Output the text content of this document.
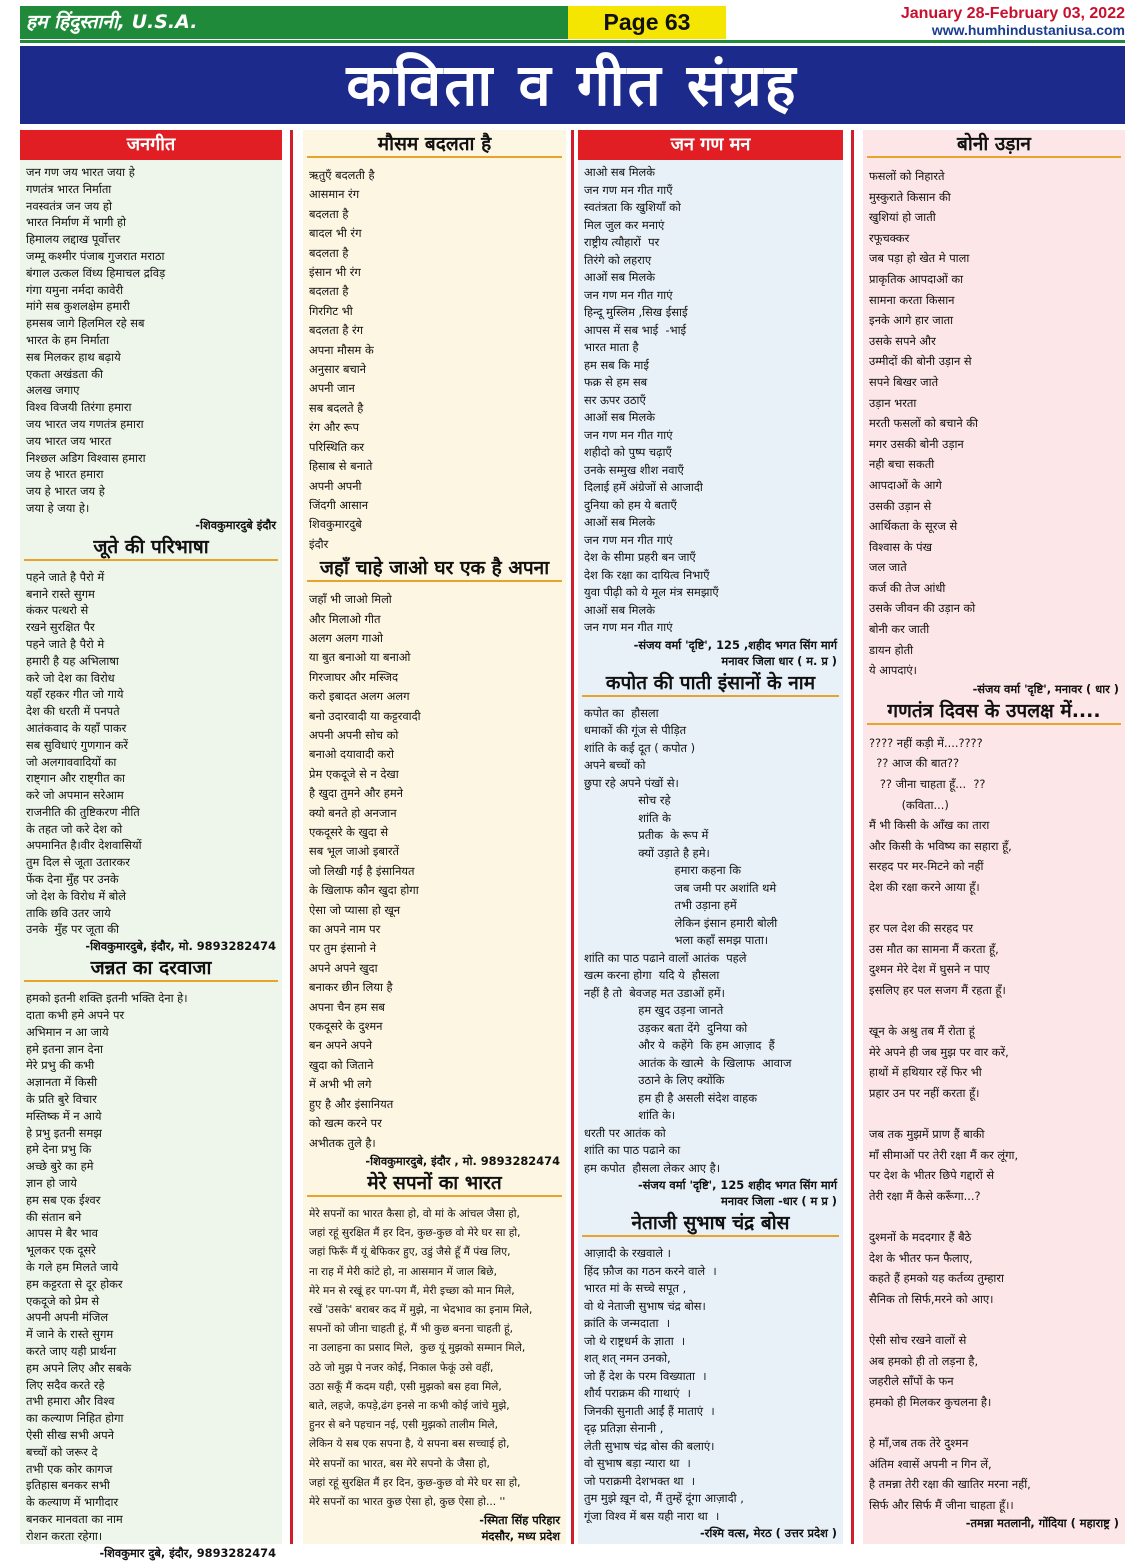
हम हिंदुस्तानी, U.S.A.	Page 63	January 28-February 03, 2022
www.humhindustaniusa.com
कविता व गीत संग्रह
जनगीत
जन गण जय भारत जया हे
गणतंत्र भारत निर्माता
नवस्वतंत्र जन जय हो
भारत निर्माण में भागी हो
हिमालय लद्दाख पूर्वोत्तर
जम्मू कश्मीर पंजाब गुजरात मराठा
बंगाल उत्कल विंध्य हिमाचल द्रविड़
गंगा यमुना नर्मदा कावेरी
मांगे सब कुशलक्षेम हमारी
हमसब जागे हिलमिल रहे सब
भारत के हम निर्माता
सब मिलकर हाथ बढ़ाये
एकता अखंडता की
अलख जगाए
विश्व विजयी तिरंगा हमारा
जय भारत जय गणतंत्र हमारा
जय भारत जय भारत
निश्छल अडिग विश्वास हमारा
जय हे भारत हमारा
जय हे भारत जय हे
जया हे जया हे।
-शिवकुमारदुबे इंदौर
जूते की परिभाषा
पहने जाते है पैरो में
बनाने रास्ते सुगम
कंकर पत्थरो से
रखने सुरक्षित पैर
पहने जाते है पैरो मे
हमारी है यह अभिलाषा
करे जो देश का विरोध
यहाँ रहकर गीत जो गाये
देश की धरती में पनपते
आतंकवाद के यहाँ पाकर
सब सुविधाएं गुणगान करें
जो अलगाववादियों का
राष्ट्गान और राष्ट्गीत का
करे जो अपमान सरेआम
राजनीति की तुष्टिकरण नीति
के तहत जो करे देश को
अपमानित है।वीर देशवासियों
तुम दिल से जूता उतारकर
फेंक देना मुँह पर उनके
जो देश के विरोध में बोले
ताकि छवि उतर जाये
उनके  मुँह पर जूता की
-शिवकुमारदुबे, इंदौर, मो. 9893282474
जन्नत का दरवाजा
हमको इतनी शक्ति इतनी भक्ति देना हे।
दाता कभी हमे अपने पर
अभिमान न आ जाये
हमे इतना ज्ञान देना
मेरे प्रभु की कभी
अज्ञानता में किसी
के प्रति बुरे विचार
मस्तिष्क में न आये
हे प्रभु इतनी समझ
हमे देना प्रभु कि
अच्छे बुरे का हमे
ज्ञान हो जाये
हम सब एक ईश्वर
की संतान बने
आपस मे बैर भाव
भूलकर एक दूसरे
के गले हम मिलते जाये
हम कट्टरता से दूर होकर
एकदूजे को प्रेम से
अपनी अपनी मंजिल
में जाने के रास्ते सुगम
करते जाए यही प्रार्थना
हम अपने लिए और सबके
लिए सदैव करते रहे
तभी हमारा और विश्व
का कल्याण निहित होगा
ऐसी सीख सभी अपने
बच्चों को जरूर दे
तभी एक कोर कागज
इतिहास बनकर सभी
के कल्याण में भागीदार
बनकर मानवता का नाम
रोशन करता रहेगा।
-शिवकुमार दुबे, इंदौर, 9893282474
मौसम बदलता है
ऋतुएँ बदलती है
आसमान रंग
बदलता है
बादल भी रंग
बदलता है
इंसान भी रंग
बदलता है
गिरगिट भी
बदलता है रंग
अपना मौसम के
अनुसार बचाने
अपनी जान
सब बदलते है
रंग और रूप
परिस्थिति कर
हिसाब से बनाते
अपनी अपनी
जिंदगी आसान
शिवकुमारदुबे
इंदौर
जहाँ चाहे जाओ घर एक है अपना
जहाँ भी जाओ मिलो
और मिलाओ गीत
अलग अलग गाओ
या बुत बनाओ या बनाओ
गिरजाघर और मस्जिद
करो इबादत अलग अलग
बनो उदारवादी या कट्टरवादी
अपनी अपनी सोच को
बनाओ दयावादी करो
प्रेम एकदूजे से न देखा
है खुदा तुमने और हमने
क्यो बनते हो अनजान
एकदूसरे के खुदा से
सब भूल जाओ इबारतें
जो लिखी गई है इंसानियत
के खिलाफ कौन खुदा होगा
ऐसा जो प्यासा हो खून
का अपने नाम पर
पर तुम इंसानो ने
अपने अपने खुदा
बनाकर छीन लिया है
अपना चैन हम सब
एकदूसरे के दुश्मन
बन अपने अपने
खुदा को जिताने
में अभी भी लगे
हुए है और इंसानियत
को खत्म करने पर
अभीतक तुले है।
-शिवकुमारदुबे, इंदौर , मो. 9893282474
मेरे सपनों का भारत
मेरे सपनों का भारत कैसा हो, वो मां के आंचल जैसा हो,
जहां रहूं सुरक्षित मैं हर दिन, कुछ-कुछ वो मेरे घर सा हो,
जहां फिरूँ मैं यूं बेफिकर हुए, उडुं जैसे हूँ मैं पंख लिए,
ना राह में मेरी कांटे हो, ना आसमान में जाल बिछे,
मेरे मन से रखूं हर पग-पग मैं, मेरी इच्छा को मान मिले,
रखें 'उसके' बराबर कद में मुझे, ना भेदभाव का इनाम मिले,
सपनों को जीना चाहती हूं, मैं भी कुछ बनना चाहती हूं,
ना उलाहना का प्रसाद मिले,  कुछ यूं मुझको सम्मान मिले,
उठे जो मुझ पे नजर कोई, निकाल फेकूं उसे वहीं,
उठा सकूँ मैं कदम यही, एसी मुझको बस हवा मिले,
बाते, लहजे, कपड़े,ढंग इनसे ना कभी कोई जांचे मुझे,
हुनर से बने पहचान नई, एसी मुझको तालीम मिले,
लेकिन ये सब एक सपना है, ये सपना बस सच्चाई हो,
मेरे सपनों का भारत, बस मेरे सपनो के जैसा हो,
जहां रहूं सुरक्षित मैं हर दिन, कुछ-कुछ वो मेरे घर सा हो,
मेरे सपनों का भारत कुछ ऐसा हो, कुछ ऐसा हो... ''
-स्मिता सिंह परिहार
मंदसौर, मध्य प्रदेश
जन गण मन
आओ सब मिलके
जन गण मन गीत गाएँ
स्वतंत्रता कि खुशियाँ को
मिल जुल कर मनाएं
राष्ट्रीय त्यौहारों  पर
तिरंगे को लहराए
आओं सब मिलके
जन गण मन गीत गाएं
हिन्दू मुस्लिम ,सिख ईसाई
आपस में सब भाई  -भाई
भारत माता है
हम सब कि माई
फक्र से हम सब
सर ऊपर उठाएँ
आओं सब मिलके
जन गण मन गीत गाएं
शहीदो को पुष्प चढ़ाएँ
उनके सम्मुख शीश नवाएँ
दिलाई हमें अंग्रेजों से आजादी
दुनिया को हम ये बताएँ
आओं सब मिलके
जन गण मन गीत गाएं
देश के सीमा प्रहरी बन जाएँ
देश कि रक्षा का दायित्व निभाएँ
युवा पीढ़ी को ये मूल मंत्र समझाएँ
आओं सब मिलके
जन गण मन गीत गाएं
-संजय वर्मा 'दृष्टि', 125 ,शहीद भगत सिंग मार्ग
मनावर जिला धार ( म. प्र )
कपोत की पाती इंसानों के नाम
कपोत का  हौसला
धमाकों की गूंज से पीड़ित
शांति के कई दूत ( कपोत )
अपने बच्चों को
छुपा रहे अपने पंखों से।
सोच रहे
शांति के
प्रतीक  के रूप में
क्यों उड़ाते है हमे।
हमारा कहना कि
जब जमी पर अशांति थमे
तभी उड़ाना हमें
लेकिन इंसान हमारी बोली
भला कहाँ समझ पाता।
शांति का पाठ पढाने वालों आतंक  पहले
खत्म करना होगा  यदि ये  हौसला
नहीं है तो  बेवजह मत उडाओं हमें।
हम खुद उड़ना जानते
उड़कर बता देंगे  दुनिया को
और ये  कहेंगे  कि हम आज़ाद  हैं
आतंक के खात्मे  के खिलाफ  आवाज
उठाने के लिए क्योंकि
हम ही है असली संदेश वाहक
शांति के।
धरती पर आतंक को
शांति का पाठ पढाने का
हम कपोत  हौसला लेकर आए है।
-संजय वर्मा 'दृष्टि', 125 शहीद भगत सिंग मार्ग
मनावर जिला -धार ( म प्र )
नेताजी सुभाष चंद्र बोस
आज़ादी के रखवाले ।
हिंद फ़ौज का गठन करने वाले  ।
भारत मां के सच्चे सपूत ,
वो थे नेताजी सुभाष चंद्र बोस।
क्रांति के जन्मदाता  ।
जो थे राष्ट्रधर्म के ज्ञाता  ।
शत् शत् नमन उनको,
जो हैं देश के परम विख्याता  ।
शौर्य पराक्रम की गाथाएं  ।
जिनकी सुनाती आईं हैं माताएं  ।
दृढ़ प्रतिज्ञा सेनानी ,
लेती सुभाष चंद्र बोस की बलाएं।
वो सुभाष बड़ा न्यारा था  ।
जो पराक्रमी देशभक्त था  ।
तुम मुझे ख़ून दो, मैं तुम्हें दूंगा आज़ादी ,
गूंजा विश्व में बस यही नारा था  ।
-रश्मि वत्स, मेरठ ( उत्तर प्रदेश )
बोनी उड़ान
फसलों को निहारते
मुस्कुराते किसान की
खुशियां हो जाती
रफूचक्कर
जब पड़ा हो खेत मे पाला
प्राकृतिक आपदाओं का
सामना करता किसान
इनके आगे हार जाता
उसके सपने और
उम्मीदों की बोनी उड़ान से
सपने बिखर जाते
उड़ान भरता
मरती फसलों को बचाने की
मगर उसकी बोनी उड़ान
नही बचा सकती
आपदाओं के आगे
उसकी उड़ान से
आर्थिकता के सूरज से
विश्वास के पंख
जल जाते
कर्ज की तेज आंधी
उसके जीवन की उड़ान को
बोनी कर जाती
डायन होती
ये आपदाएं।
-संजय वर्मा 'दृष्टि', मनावर ( धार )
गणतंत्र दिवस के उपलक्ष में....
???? नहीं कड़ी में....????
?? आज की बात??
?? जीना चाहता हूँ...  ??
(कविता...)
मैं भी किसी के आँख का तारा
और किसी के भविष्य का सहारा हूँ,
सरहद पर मर-मिटने को नहीं
देश की रक्षा करने आया हूँ।

हर पल देश की सरहद पर
उस मौत का सामना मैं करता हूँ,
दुश्मन मेरे देश में घुसने न पाए
इसलिए हर पल सजग मैं रहता हूँ।

खून के अश्रु तब मैं रोता हूं
मेरे अपने ही जब मुझ पर वार करें,
हाथों में हथियार रहें फिर भी
प्रहार उन पर नहीं करता हूँ।

जब तक मुझमें प्राण हैं बाकी
माँ सीमाओं पर तेरी रक्षा मैं कर लूंगा,
पर देश के भीतर छिपे गद्दारों से
तेरी रक्षा मैं कैसे करूँगा...?

दुश्मनों के मददगार हैं बैठे
देश के भीतर फन फैलाए,
कहते हैं हमको यह कर्तव्य तुम्हारा
सैनिक तो सिर्फ,मरने को आए।

ऐसी सोच रखने वालों से
अब हमको ही तो लड़ना है,
जहरीले साँपों के फन
हमको ही मिलकर कुचलना है।

हे माँ,जब तक तेरे दुश्मन
अंतिम श्वासें अपनी न गिन लें,
है तमन्ना तेरी रक्षा की खातिर मरना नहीं,
सिर्फ और सिर्फ मैं जीना चाहता हूँ।।
-तमन्ना मतलानी, गोंदिया ( महाराष्ट्र )
